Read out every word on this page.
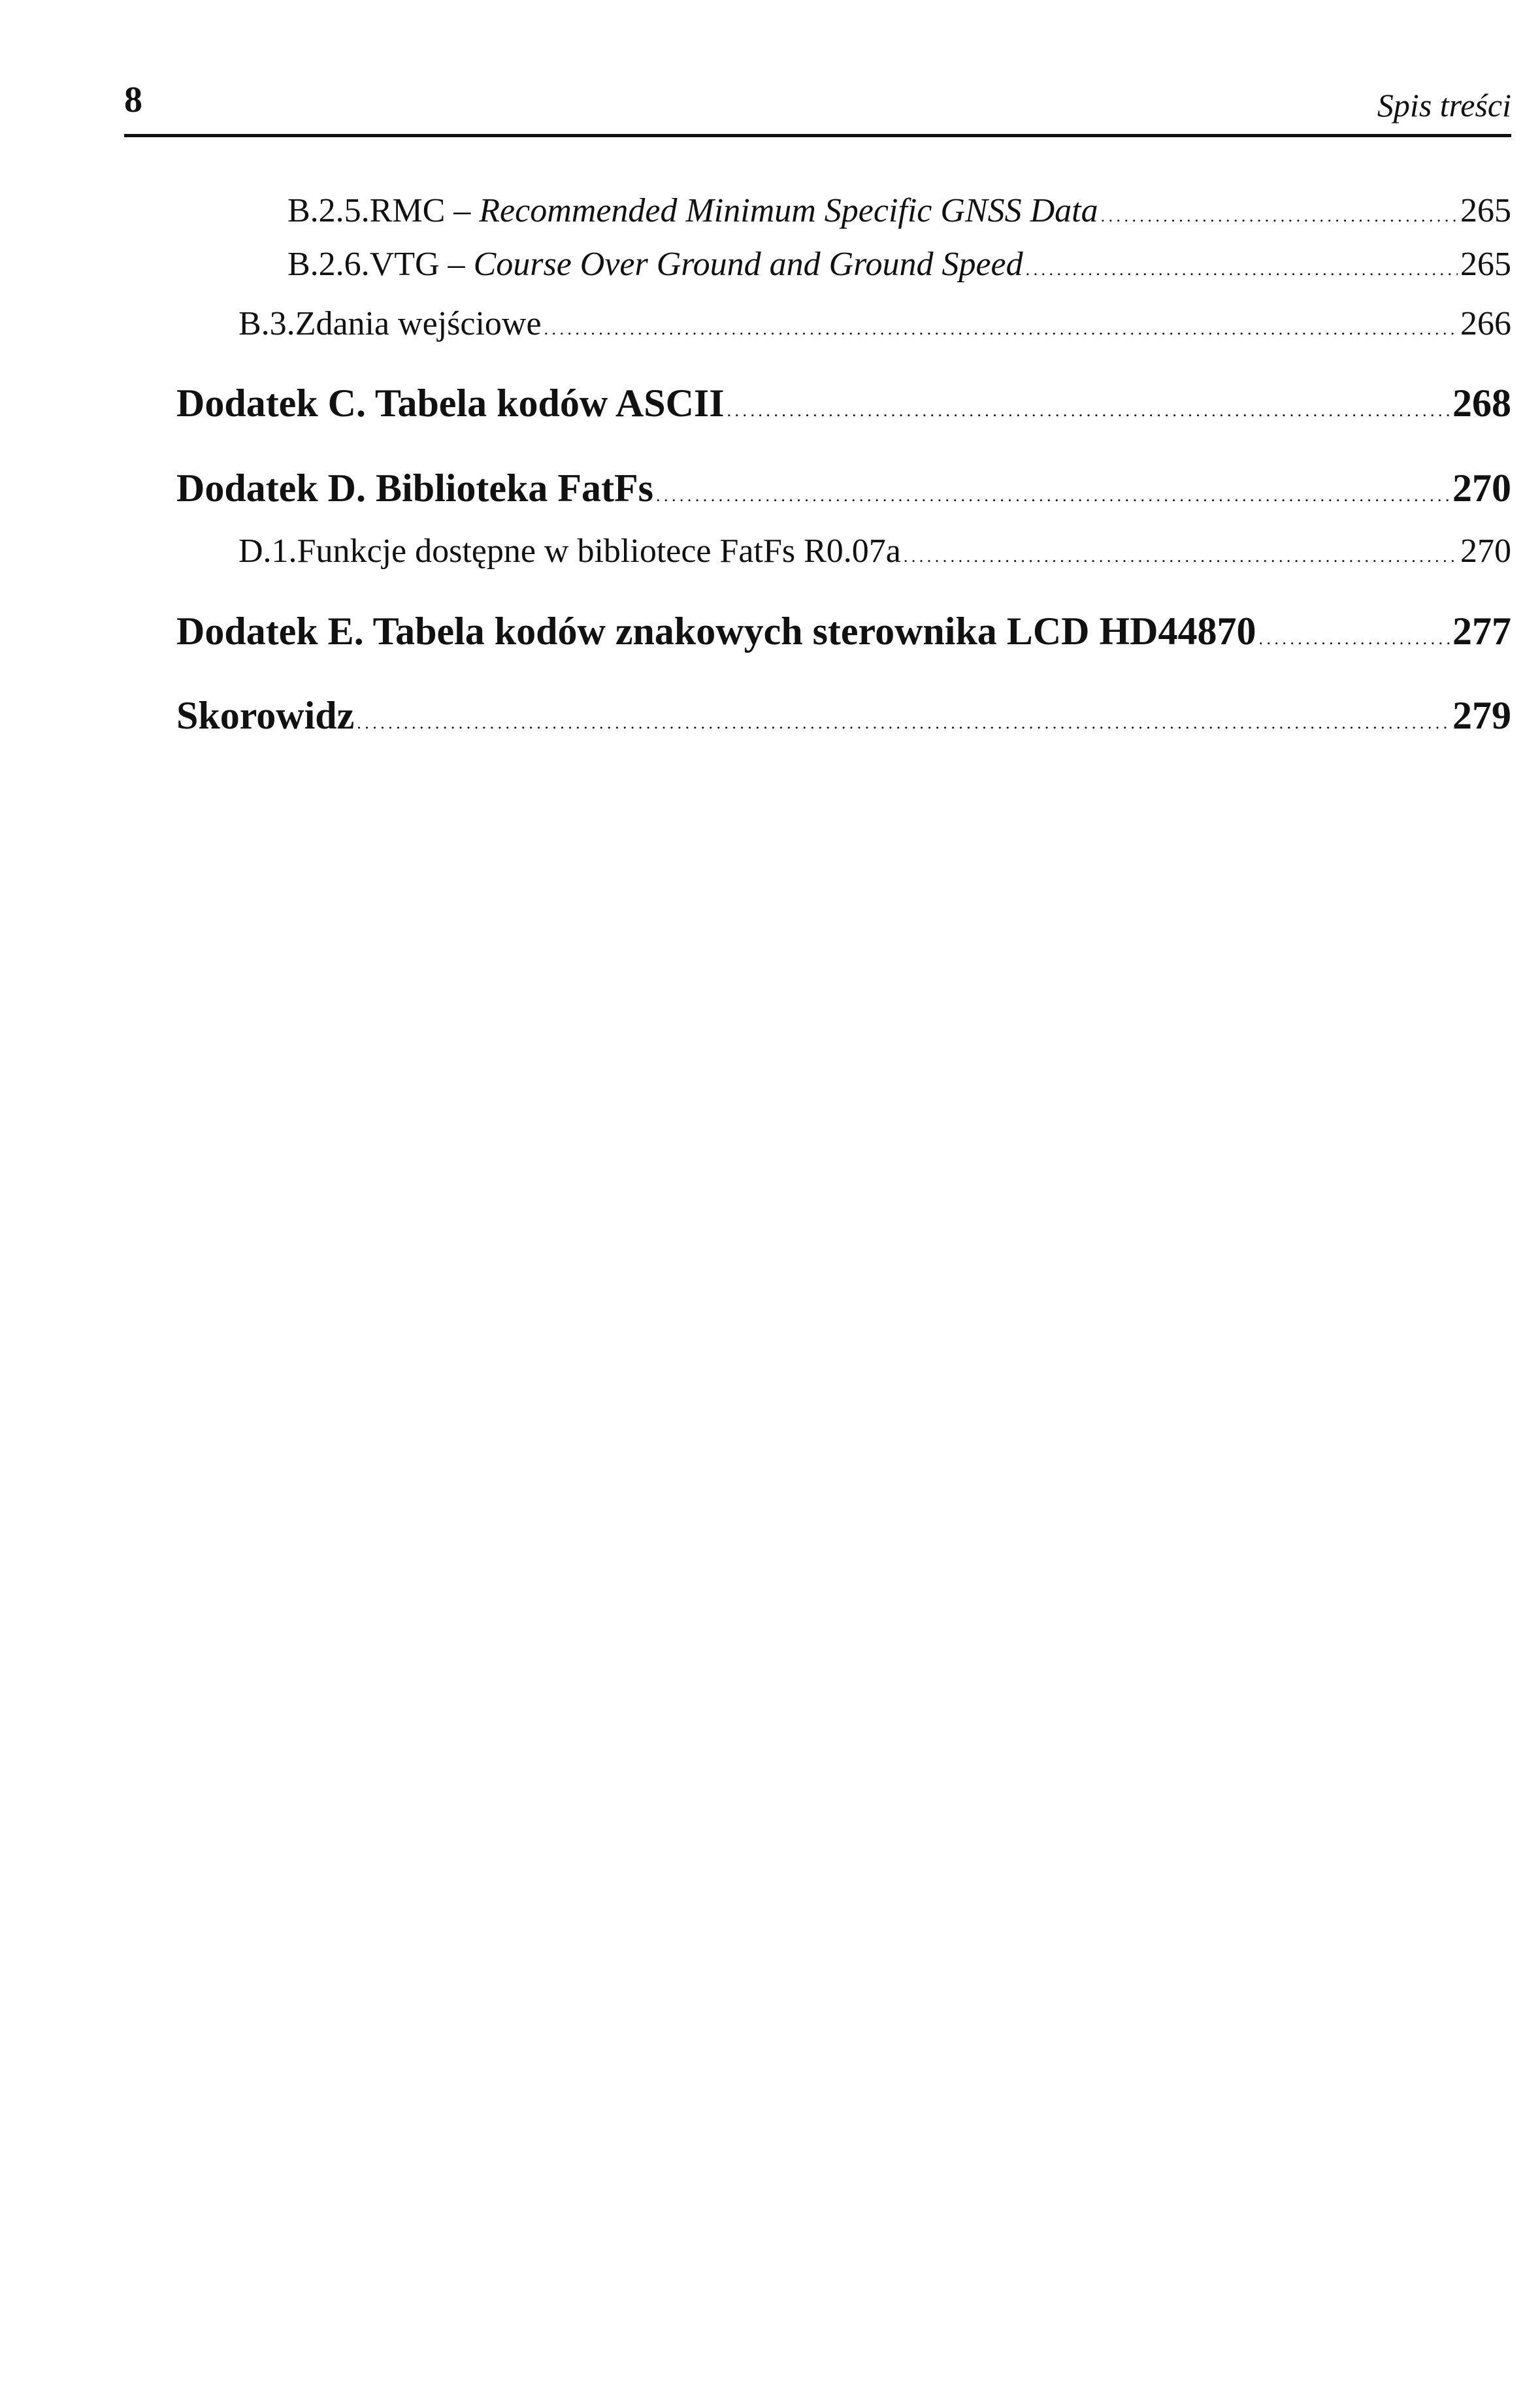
8	Spis treści
B.2.5. RMC – Recommended Minimum Specific GNSS Data . . .	265
B.2.6. VTG – Course Over Ground and Ground Speed . . .	265
B.3. Zdania wejściowe . . .	266
Dodatek C. Tabela kodów ASCII . . .	268
Dodatek D. Biblioteka FatFs . . .	270
D.1. Funkcje dostępne w bibliotece FatFs R0.07a . . .	270
Dodatek E. Tabela kodów znakowych sterownika LCD HD44870 . . .	277
Skorowidz . . .	279
